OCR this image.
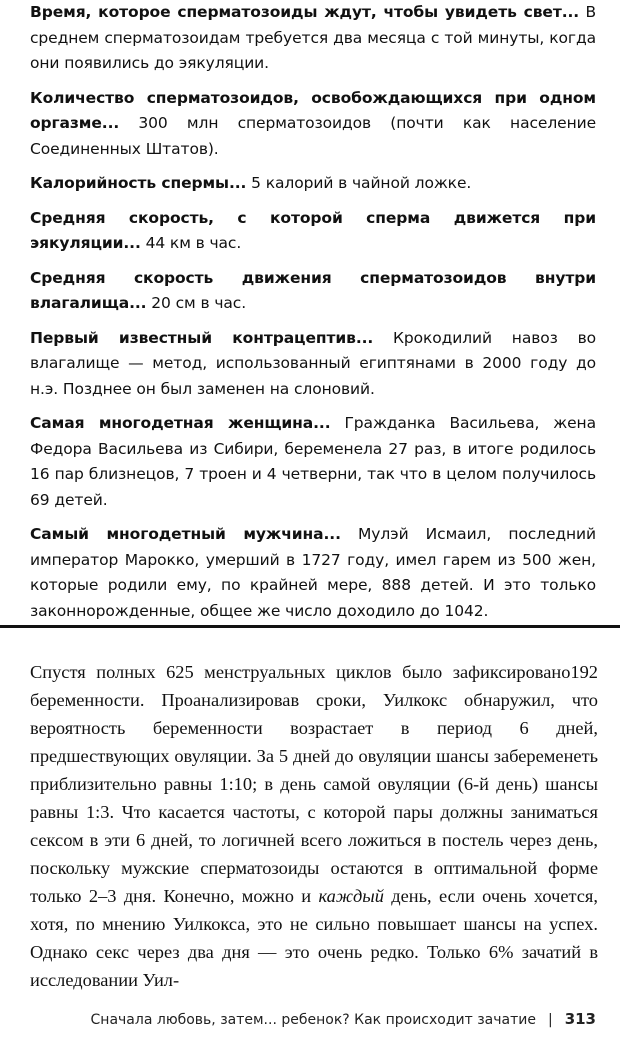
Время, которое сперматозоиды ждут, чтобы увидеть свет... В среднем сперматозоидам требуется два месяца с той минуты, когда они появились до эякуляции.

Количество сперматозоидов, освобождающихся при одном оргазме... 300 млн сперматозоидов (почти как население Соединенных Штатов).

Калорийность спермы... 5 калорий в чайной ложке.

Средняя скорость, с которой сперма движется при эякуляции... 44 км в час.

Средняя скорость движения сперматозоидов внутри влагалища... 20 см в час.

Первый известный контрацептив... Крокодилий навоз во влагалище — метод, использованный египтянами в 2000 году до н.э. Позднее он был заменен на слоновий.

Самая многодетная женщина... Гражданка Васильева, жена Федора Васильева из Сибири, беременела 27 раз, в итоге родилось 16 пар близнецов, 7 троен и 4 четверни, так что в целом получилось 69 детей.

Самый многодетный мужчина... Мулэй Исмаил, последний император Марокко, умерший в 1727 году, имел гарем из 500 жен, которые родили ему, по крайней мере, 888 детей. И это только законнорожденные, общее же число доходило до 1042.

Спустя полных 625 менструальных циклов было зафиксировано192 беременности. Проанализировав сроки, Уилкокс обнаружил, что вероятность беременности возрастает в период 6 дней, предшествующих овуляции. За 5 дней до овуляции шансы забеременеть приблизительно равны 1:10; в день самой овуляции (6-й день) шансы равны 1:3. Что касается частоты, с которой пары должны заниматься сексом в эти 6 дней, то логичней всего ложиться в постель через день, поскольку мужские сперматозоиды остаются в оптимальной форме только 2–3 дня. Конечно, можно и каждый день, если очень хочется, хотя, по мнению Уилкокса, это не сильно повышает шансы на успех. Однако секс через два дня — это очень редко. Только 6% зачатий в исследовании Уил-

Сначала любовь, затем... ребенок? Как происходит зачатие | 313
